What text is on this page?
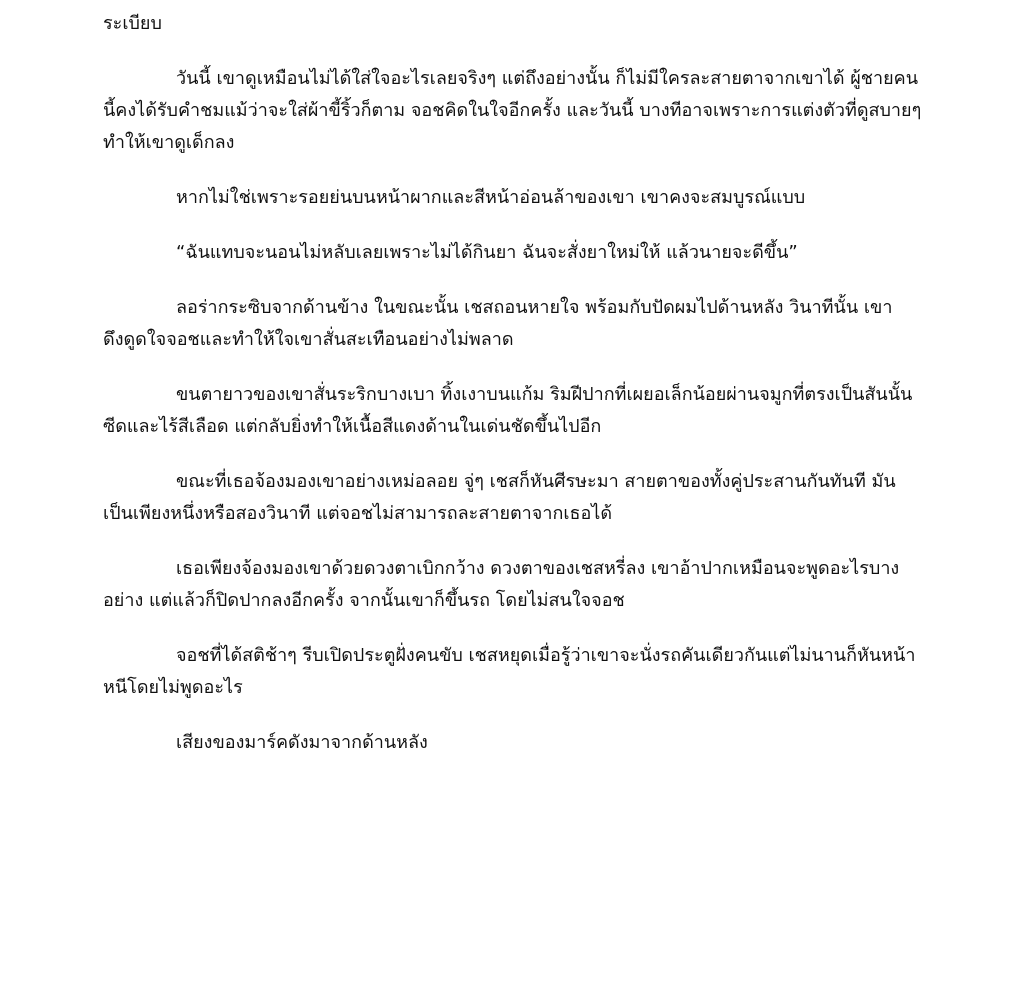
ระเบียบ

วันนี้ เขาดูเหมือนไม่ได้ใส่ใจอะไรเลยจริงๆ แต่ถึงอย่างนั้น ก็ไม่มีใครละสายตาจากเขาได้ ผู้ชายคนนี้คงได้รับคำชมแม้ว่าจะใส่ผ้าขี้ริ้วก็ตาม จอชคิดในใจอีกครั้ง และวันนี้ บางทีอาจเพราะการแต่งตัวที่ดูสบายๆ ทำให้เขาดูเด็กลง

หากไม่ใช่เพราะรอยย่นบนหน้าผากและสีหน้าอ่อนล้าของเขา เขาคงจะสมบูรณ์แบบ

“ฉันแทบจะนอนไม่หลับเลยเพราะไม่ได้กินยา ฉันจะสั่งยาใหม่ให้ แล้วนายจะดีขึ้น”

ลอร่ากระซิบจากด้านข้าง ในขณะนั้น เชสถอนหายใจ พร้อมกับปัดผมไปด้านหลัง วินาทีนั้น เขาดึงดูดใจจอชและทำให้ใจเขาสั่นสะเทือนอย่างไม่พลาด

ขนตายาวของเขาสั่นระริกบางเบา ทิ้งเงาบนแก้ม ริมฝีปากที่เผยอเล็กน้อยผ่านจมูกที่ตรงเป็นสันนั้นซีดและไร้สีเลือด แต่กลับยิ่งทำให้เนื้อสีแดงด้านในเด่นชัดขึ้นไปอีก

ขณะที่เธอจ้องมองเขาอย่างเหม่อลอย จู่ๆ เชสก็หันศีรษะมา สายตาของทั้งคู่ประสานกันทันที มันเป็นเพียงหนึ่งหรือสองวินาที แต่จอชไม่สามารถละสายตาจากเธอได้

เธอเพียงจ้องมองเขาด้วยดวงตาเบิกกว้าง ดวงตาของเชสหรี่ลง เขาอ้าปากเหมือนจะพูดอะไรบางอย่าง แต่แล้วก็ปิดปากลงอีกครั้ง จากนั้นเขาก็ขึ้นรถ โดยไม่สนใจจอช

จอชที่ได้สติช้าๆ รีบเปิดประตูฝั่งคนขับ เชสหยุดเมื่อรู้ว่าเขาจะนั่งรถคันเดียวกันแต่ไม่นานก็หันหน้าหนีโดยไม่พูดอะไร

เสียงของมาร์คดังมาจากด้านหลัง
